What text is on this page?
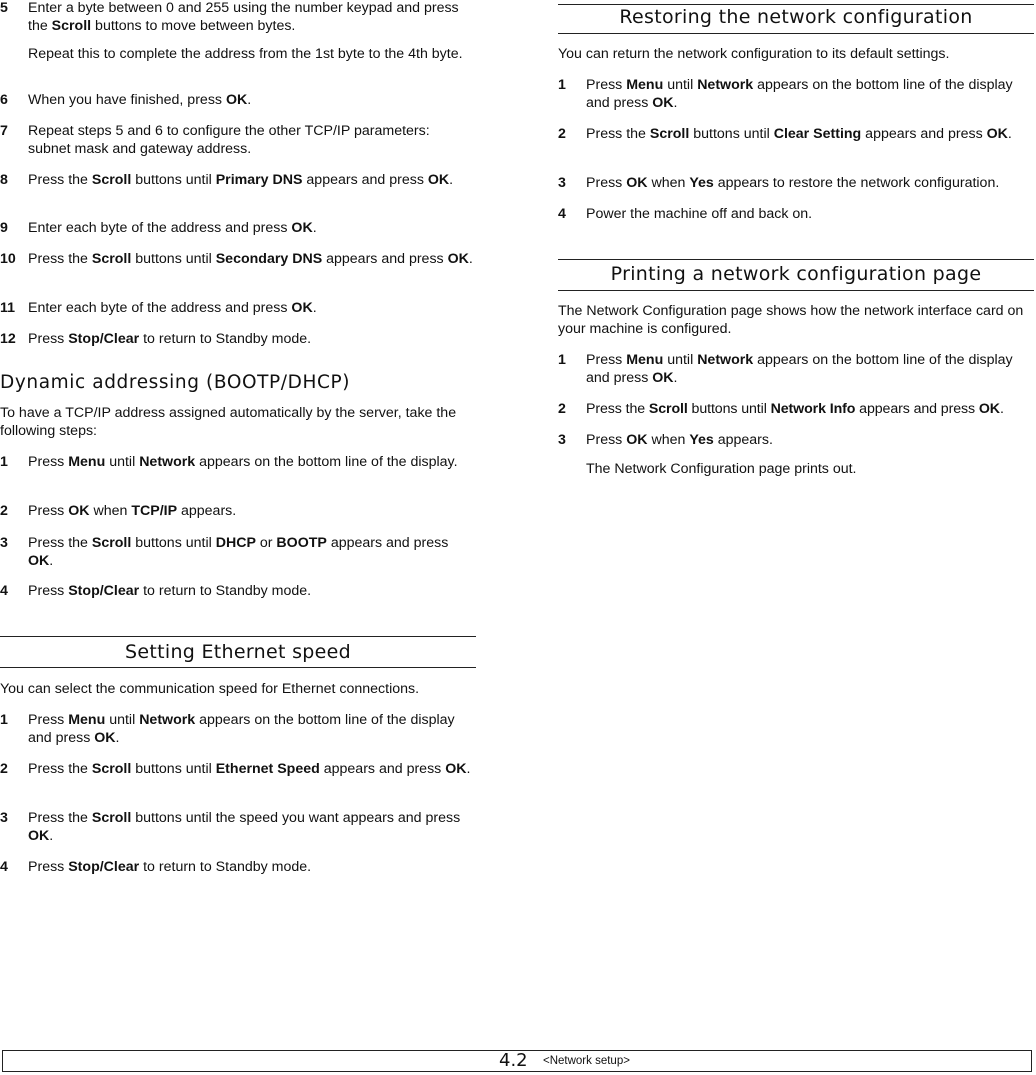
5 Enter a byte between 0 and 255 using the number keypad and press the Scroll buttons to move between bytes.
Repeat this to complete the address from the 1st byte to the 4th byte.
6 When you have finished, press OK.
7 Repeat steps 5 and 6 to configure the other TCP/IP parameters: subnet mask and gateway address.
8 Press the Scroll buttons until Primary DNS appears and press OK.
9 Enter each byte of the address and press OK.
10 Press the Scroll buttons until Secondary DNS appears and press OK.
11 Enter each byte of the address and press OK.
12 Press Stop/Clear to return to Standby mode.
Dynamic addressing (BOOTP/DHCP)
To have a TCP/IP address assigned automatically by the server, take the following steps:
1 Press Menu until Network appears on the bottom line of the display.
2 Press OK when TCP/IP appears.
3 Press the Scroll buttons until DHCP or BOOTP appears and press OK.
4 Press Stop/Clear to return to Standby mode.
Setting Ethernet speed
You can select the communication speed for Ethernet connections.
1 Press Menu until Network appears on the bottom line of the display and press OK.
2 Press the Scroll buttons until Ethernet Speed appears and press OK.
3 Press the Scroll buttons until the speed you want appears and press OK.
4 Press Stop/Clear to return to Standby mode.
Restoring the network configuration
You can return the network configuration to its default settings.
1 Press Menu until Network appears on the bottom line of the display and press OK.
2 Press the Scroll buttons until Clear Setting appears and press OK.
3 Press OK when Yes appears to restore the network configuration.
4 Power the machine off and back on.
Printing a network configuration page
The Network Configuration page shows how the network interface card on your machine is configured.
1 Press Menu until Network appears on the bottom line of the display and press OK.
2 Press the Scroll buttons until Network Info appears and press OK.
3 Press OK when Yes appears.
The Network Configuration page prints out.
4.2 <Network setup>
